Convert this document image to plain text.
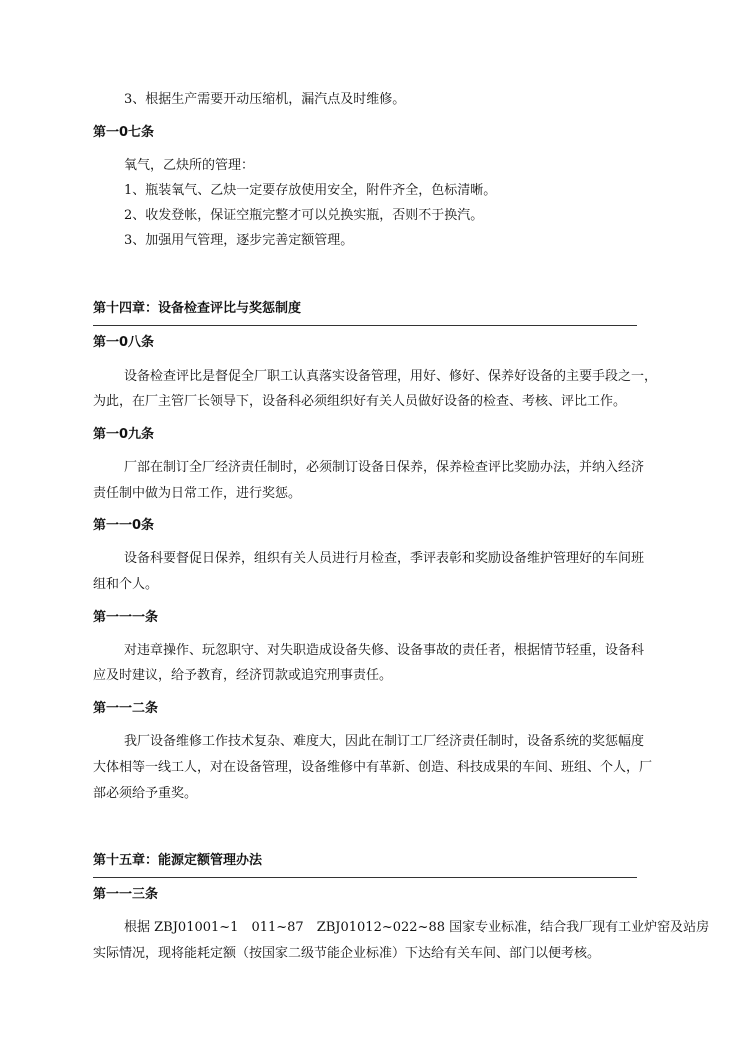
3、根据生产需要开动压缩机，漏汽点及时维修。
第一0七条
氧气，乙炔所的管理：
1、瓶装氧气、乙炔一定要存放使用安全，附件齐全，色标清晰。
2、收发登帐，保证空瓶完整才可以兑换实瓶，否则不于换汽。
3、加强用气管理，逐步完善定额管理。
第十四章：设备检查评比与奖惩制度
第一0八条
设备检查评比是督促全厂职工认真落实设备管理，用好、修好、保养好设备的主要手段之一，
为此，在厂主管厂长领导下，设备科必须组织好有关人员做好设备的检查、考核、评比工作。
第一0九条
厂部在制订全厂经济责任制时，必须制订设备日保养，保养检查评比奖励办法，并纳入经济
责任制中做为日常工作，进行奖惩。
第一一0条
设备科要督促日保养，组织有关人员进行月检查，季评表彰和奖励设备维护管理好的车间班
组和个人。
第一一一条
对违章操作、玩忽职守、对失职造成设备失修、设备事故的责任者，根据情节轻重，设备科
应及时建议，给予教育，经济罚款或追究刑事责任。
第一一二条
我厂设备维修工作技术复杂、难度大，因此在制订工厂经济责任制时，设备系统的奖惩幅度
大体相等一线工人，对在设备管理，设备维修中有革新、创造、科技成果的车间、班组、个人，厂
部必须给予重奖。
第十五章：能源定额管理办法
第一一三条
根据 ZBJ01001~1　011~87　ZBJ01012~022~88 国家专业标准，结合我厂现有工业炉窑及站房
实际情况，现将能耗定额（按国家二级节能企业标准）下达给有关车间、部门以便考核。
